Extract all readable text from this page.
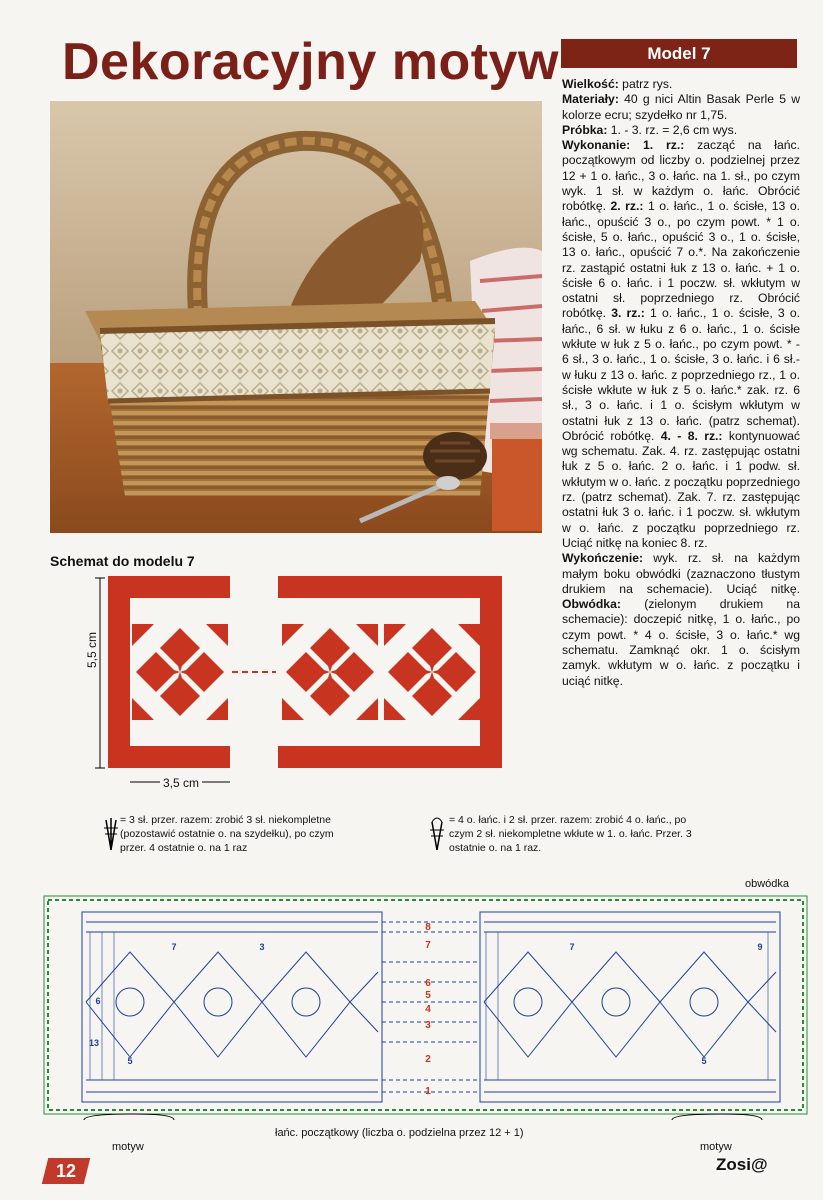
Dekoracyjny motyw	Model 7
Wielkość: patrz rys.
Materiały: 40 g nici Altin Basak Perle 5 w kolorze ecru; szydełko nr 1,75.
Próbka: 1. - 3. rz. = 2,6 cm wys.
Wykonanie: 1. rz.: zacząć na łańc. początkowym od liczby o. podzielnej przez 12 + 1 o. łańc., 3 o. łańc. na 1. sł., po czym wyk. 1 sł. w każdym o. łańc. Obrócić robótkę. 2. rz.: 1 o. łańc., 1 o. ścisłe, 13 o. łańc., opuścić 3 o., po czym powt. * 1 o. ścisłe, 5 o. łańc., opuścić 3 o., 1 o. ścisłe, 13 o. łańc., opuścić 7 o.*. Na zakończenie rz. zastąpić ostatni łuk z 13 o. łańc. + 1 o. ścisłe 6 o. łańc. i 1 poczw. sł. wkłutym w ostatni sł. poprzedniego rz. Obrócić robótkę. 3. rz.: 1 o. łańc., 1 o. ścisłe, 3 o. łańc., 6 sł. w łuku z 6 o. łańc., 1 o. ścisłe wkłute w łuk z 5 o. łańc., po czym powt. * - 6 sł., 3 o. łańc., 1 o. ścisłe, 3 o. łańc. i 6 sł.- w łuku z 13 o. łańc. z poprzedniego rz., 1 o. ścisłe wkłute w łuk z 5 o. łańc.* zak. rz. 6 sł., 3 o. łańc. i 1 o. ścisłym wkłutym w ostatni łuk z 13 o. łańc. (patrz schemat). Obrócić robótkę. 4. - 8. rz.: kontynuować wg schematu. Zak. 4. rz. zastępując ostatni łuk z 5 o. łańc. 2 o. łańc. i 1 podw. sł. wkłutym w o. łańc. z początku poprzedniego rz. (patrz schemat). Zak. 7. rz. zastępując ostatni łuk 3 o. łańc. i 1 poczw. sł. wkłutym w o. łańc. z początku poprzedniego rz. Uciąć nitkę na koniec 8. rz.
Wykończenie: wyk. rz. sł. na każdym małym boku obwódki (zaznaczono tłustym drukiem na schemacie). Uciąć nitkę. Obwódka: (zielonym drukiem na schemacie): doczepić nitkę, 1 o. łańc., po czym powt. * 4 o. ścisłe, 3 o. łańc.* wg schematu. Zamknąć okr. 1 o. ścisłym zamyk. wkłutym w o. łańc. z początku i uciąć nitkę.
Schemat do modelu 7
5,5 cm
3,5 cm
= 3 sł. przer. razem: zrobić 3 sł. niekompletne (pozostawić ostatnie o. na szydełku), po czym przer. 4 ostatnie o. na 1 raz
= 4 o. łańc. i 2 sł. przer. razem: zrobić 4 o. łańc., po czym 2 sł. niekompletne wkłute w 1. o. łańc. Przer. 3 ostatnie o. na 1 raz.
obwódka
8
7
6
5
4
3
2
1
7	3
5
6
13
9
7
5
motyw	motyw
łańc. początkowy (liczba o. podzielna przez 12 + 1)
12	Zosi@
